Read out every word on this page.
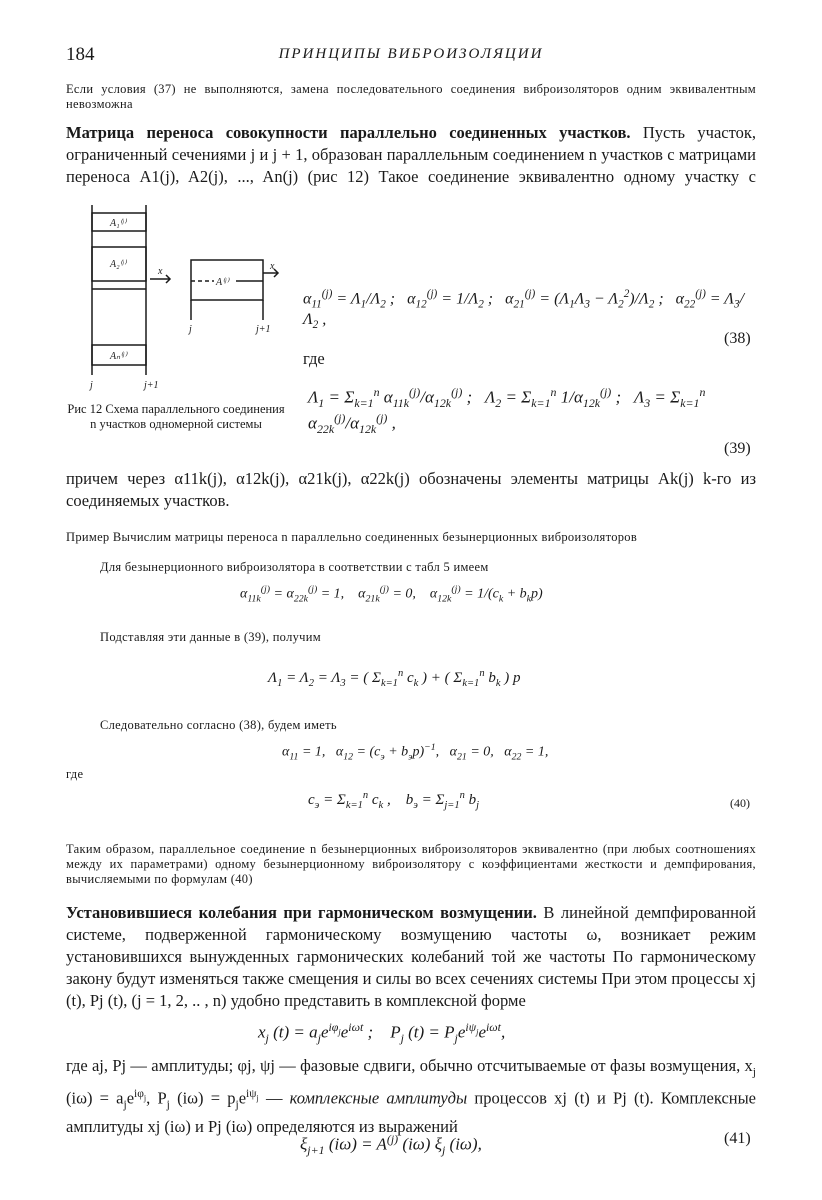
184	ПРИНЦИПЫ ВИБРОИЗОЛЯЦИИ
Если условия (37) не выполняются, замена последовательного соединения виброизоляторов одним эквивалентным невозможна
Матрица переноса совокупности параллельно соединенных участков. Пусть участок, ограниченный сечениями j и j + 1, образован параллельным соединением n участков с матрицами переноса A1(j), A2(j), ..., An(j) (рис 12) Такое соединение эквивалентно одному участку с
A₁⁽ʲ⁾
A₂⁽ʲ⁾
Aₙ⁽ʲ⁾
x
A⁽ʲ⁾
x
j	j+1
j	j+1
Рис 12 Схема параллельного соединения n участков одномерной системы
$\alpha_{11}^{(j)} = \Lambda_1/\Lambda_2$ ;   $\alpha_{12}^{(j)} = 1/\Lambda_2$ ;   $\alpha_{21}^{(j)} = (\Lambda_1\Lambda_3 - \Lambda_2^2)/\Lambda_2$ ;   $\alpha_{22}^{(j)} = \Lambda_3/\Lambda_2$ ,
(38)
где
$\Lambda_1 = \Sigma_{k=1}^n$ $\alpha_{11k}^{(j)}/\alpha_{12k}^{(j)}$ ;   $\Lambda_2 = \Sigma_{k=1}^n$ $1/\alpha_{12k}^{(j)}$ ;   $\Lambda_3 = \Sigma_{k=1}^n$ $\alpha_{22k}^{(j)}/\alpha_{12k}^{(j)}$ ,
(39)
причем через α11k(j), α12k(j), α21k(j), α22k(j) обозначены элементы матрицы Ak(j) k-го из соединяемых участков.
Пример Вычислим матрицы переноса n параллельно соединенных безынерционных виброизоляторов
Для безынерционного виброизолятора в соответствии с табл 5 имеем
$\alpha_{11k}^{(j)} = \alpha_{22k}^{(j)} = 1$,    $\alpha_{21k}^{(j)} = 0$,    $\alpha_{12k}^{(j)} = 1/(c_k + b_kp)$
Подставляя эти данные в (39), получим
$\Lambda_1 = \Lambda_2 = \Lambda_3$ = ( $\Sigma_{k=1}^n$ $c_k$ ) + ( $\Sigma_{k=1}^n$ $b_k$ ) p
Следовательно согласно (38), будем иметь
$\alpha_{11} = 1$,   $\alpha_{12} = (c_э + b_эp)^{-1}$,   $\alpha_{21} = 0$,   $\alpha_{22} = 1$,
где
$c_э = \Sigma_{k=1}^n$ $c_k$ ,    $b_э = \Sigma_{j=1}^n$ $b_j$	(40)
Таким образом, параллельное соединение n безынерционных виброизоляторов эквивалентно (при любых соотношениях между их параметрами) одному безынерционному виброизолятору с коэффициентами жесткости и демпфирования, вычисляемыми по формулам (40)
Установившиеся колебания при гармоническом возмущении. В линейной демпфированной системе, подверженной гармоническому возмущению частоты ω, возникает режим установившихся вынужденных гармонических колебаний той же частоты По гармоническому закону будут изменяться также смещения и силы во всех сечениях системы При этом процессы xj (t), Pj (t), (j = 1, 2, .. , n) удобно представить в комплексной форме
$x_j$ $(t) = a_je^{i\varphi_j}e^{i\omega t}$ ;    $P_j$ $(t) = P_je^{i\psi_j}e^{i\omega t}$,
где aj, Pj — амплитуды; φj, ψj — фазовые сдвиги, обычно отсчитываемые от фазы возмущения, $x_j$ $(i\omega) = a_je^{i\varphi_j}$, $P_j$ $(i\omega) = p_je^{i\psi_j}$ — комплексные амплитуды процессов xj (t) и Pj (t). Комплексные амплитуды xj (iω) и Pj (iω) определяются из выражений
$\xi_{j+1}$ $(i\omega) = A^{(j)}$ (iω) $\xi_j$ (iω),	(41)
